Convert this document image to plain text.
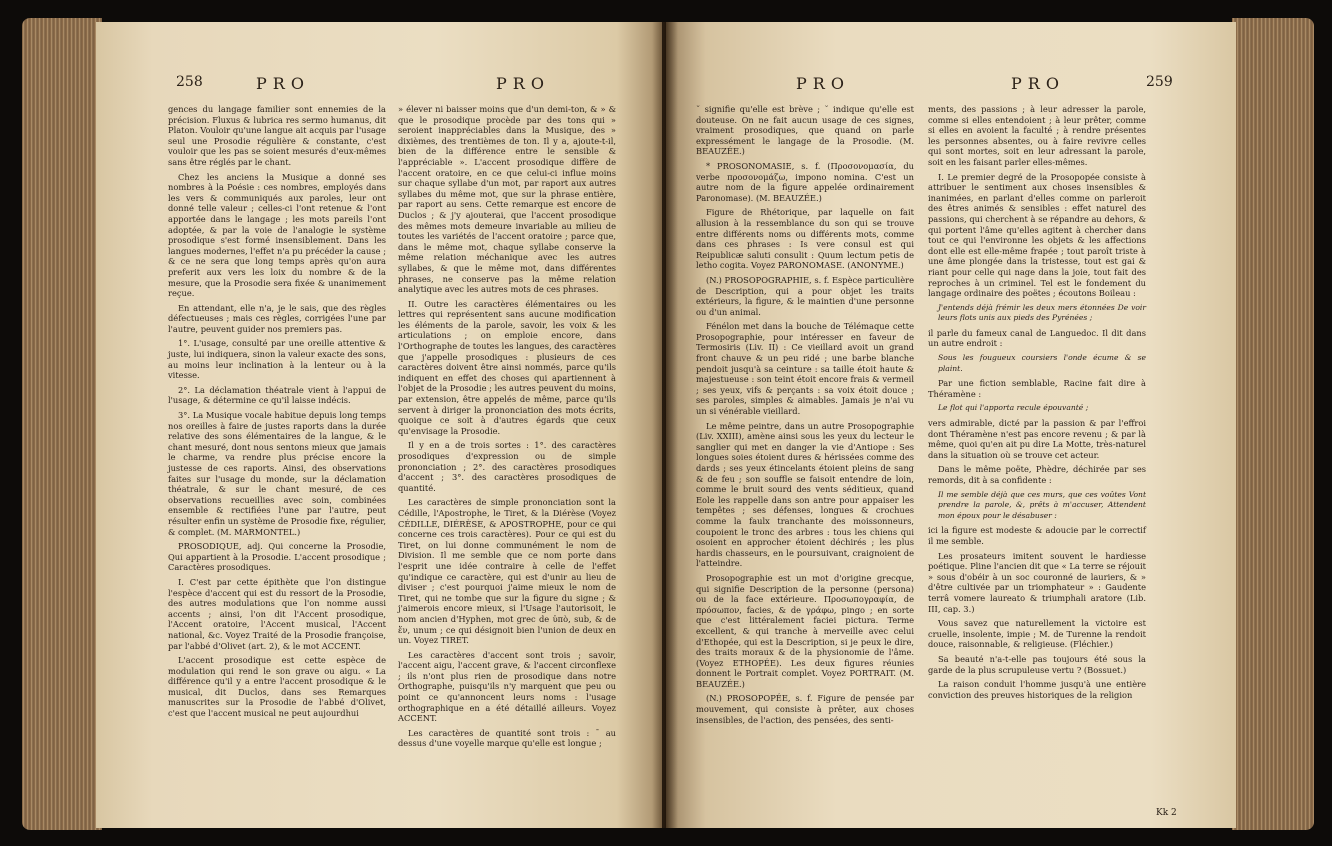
258	PRO	PRO

gences du langage familier sont ennemies de la précision. Fluxus & lubrica res sermo humanus, dit Platon. Vouloir qu'une langue ait acquis par l'usage seul une Prosodie régulière & constante, c'est vouloir que les pas se soient mesurés d'eux-mêmes sans être réglés par le chant.

Chez les anciens la Musique a donné ses nombres à la Poésie : ces nombres, employés dans les vers & communiqués aux paroles, leur ont donné telle valeur ; celles-ci l'ont retenue & l'ont apportée dans le langage ; les mots pareils l'ont adoptée, & par la voie de l'analogie le système prosodique s'est formé insensiblement. Dans les langues modernes, l'effet n'a pu précéder la cause ; & ce ne sera que long temps après qu'on aura preferit aux vers les loix du nombre & de la mesure, que la Prosodie sera fixée & unanimement reçue.

En attendant, elle n'a, je le sais, que des règles défectueuses ; mais ces règles, corrigées l'une par l'autre, peuvent guider nos premiers pas.

1°. L'usage, consulté par une oreille attentive & juste, lui indiquera, sinon la valeur exacte des sons, au moins leur inclination à la lenteur ou à la vitesse.

2°. La déclamation théatrale vient à l'appui de l'usage, & détermine ce qu'il laisse indécis.

3°. La Musique vocale habitue depuis long temps nos oreilles à faire de justes raports dans la durée relative des sons élémentaires de la langue, & le chant mesuré, dont nous sentons mieux que jamais le charme, va rendre plus précise encore la justesse de ces raports. Ainsi, des observations faites sur l'usage du monde, sur la déclamation théatrale, & sur le chant mesuré, de ces observations recueillies avec soin, combinées ensemble & rectifiées l'une par l'autre, peut résulter enfin un système de Prosodie fixe, régulier, & complet. (M. MARMONTEL.)

PROSODIQUE, adj. Qui concerne la Prosodie, Qui appartient à la Prosodie. L'accent prosodique ; Caractères prosodiques.

I. C'est par cette épithète que l'on distingue l'espèce d'accent qui est du ressort de la Prosodie, des autres modulations que l'on nomme aussi accents ; ainsi, l'on dit l'Accent prosodique, l'Accent oratoire, l'Accent musical, l'Accent national, &c. Voyez Traité de la Prosodie françoise, par l'abbé d'Olivet (art. 2), & le mot ACCENT.

L'accent prosodique est cette espèce de modulation qui rend le son grave ou aigu. « La différence qu'il y a entre l'accent prosodique & le musical, dit Duclos, dans ses Remarques manuscrites sur la Prosodie de l'abbé d'Olivet, c'est que l'accent musical ne peut aujourdhui

» élever ni baisser moins que d'un demi-ton, & » & que le prosodique procède par des tons qui » seroient inappréciables dans la Musique, des » dixièmes, des trentièmes de ton. Il y a, ajoute-t-il, bien de la différence entre le sensible & l'appréciable ». L'accent prosodique diffère de l'accent oratoire, en ce que celui-ci influe moins sur chaque syllabe d'un mot, par raport aux autres syllabes du même mot, que sur la phrase entière, par raport au sens. Cette remarque est encore de Duclos ; & j'y ajouterai, que l'accent prosodique des mêmes mots demeure invariable au milieu de toutes les variétés de l'accent oratoire ; parce que, dans le même mot, chaque syllabe conserve la même relation méchanique avec les autres syllabes, & que le même mot, dans différentes phrases, ne conserve pas la même relation analytique avec les autres mots de ces phrases.

II. Outre les caractères élémentaires ou les lettres qui représentent sans aucune modification les éléments de la parole, savoir, les voix & les articulations ; on emploie encore, dans l'Orthographe de toutes les langues, des caractères que j'appelle prosodiques : plusieurs de ces caractères doivent être ainsi nommés, parce qu'ils indiquent en effet des choses qui apartiennent à l'objet de la Prosodie ; les autres peuvent du moins, par extension, être appelés de même, parce qu'ils servent à diriger la prononciation des mots écrits, quoique ce soit à d'autres égards que ceux qu'envisage la Prosodie.

Il y en a de trois sortes : 1°. des caractères prosodiques d'expression ou de simple prononciation ; 2°. des caractères prosodiques d'accent ; 3°. des caractères prosodiques de quantité.

Les caractères de simple prononciation sont la Cédille, l'Apostrophe, le Tiret, & la Diérèse (Voyez CÉDILLE, DIÉRÈSE, & APOSTROPHE, pour ce qui concerne ces trois caractères). Pour ce qui est du Tiret, on lui donne communément le nom de Division. Il me semble que ce nom porte dans l'esprit une idée contraire à celle de l'effet qu'indique ce caractère, qui est d'unir au lieu de diviser ; c'est pourquoi j'aime mieux le nom de Tiret, qui ne tombe que sur la figure du signe ; & j'aimerois encore mieux, si l'Usage l'autorisoit, le nom ancien d'Hyphen, mot grec de ὑπὸ, sub, & de ἕν, unum ; ce qui désignoit bien l'union de deux en un. Voyez TIRET.

Les caractères d'accent sont trois ; savoir, l'accent aigu, l'accent grave, & l'accent circonflexe ; ils n'ont plus rien de prosodique dans notre Orthographe, puisqu'ils n'y marquent que peu ou point ce qu'annoncent leurs noms : l'usage orthographique en a été détaillé ailleurs. Voyez ACCENT.

Les caractères de quantité sont trois : ¯ au dessus d'une voyelle marque qu'elle est longue ;

PRO	PRO	259

˘ signifie qu'elle est brève ; ˘ indique qu'elle est douteuse. On ne fait aucun usage de ces signes, vraiment prosodiques, que quand on parle expressément le langage de la Prosodie. (M. BEAUZÉE.)

* PROSONOMASIE, s. f. (Προσονομασία, du verbe προσονομάζω, impono nomina. C'est un autre nom de la figure appelée ordinairement Paronomase). (M. BEAUZÉE.)

Figure de Rhétorique, par laquelle on fait allusion à la ressemblance du son qui se trouve entre différents noms ou différents mots, comme dans ces phrases : Is vere consul est qui Reipublicæ saluti consulit : Quum lectum petis de letho cogita. Voyez PARONOMASE. (ANONYME.)

(N.) PROSOPOGRAPHIE, s. f. Espèce particulière de Description, qui a pour objet les traits extérieurs, la figure, & le maintien d'une personne ou d'un animal.

Fénélon met dans la bouche de Télémaque cette Prosopographie, pour intéresser en faveur de Termosiris (Liv. II) : Ce vieillard avoit un grand front chauve & un peu ridé ; une barbe blanche pendoit jusqu'à sa ceinture : sa taille étoit haute & majestueuse : son teint étoit encore frais & vermeil ; ses yeux, vifs & perçants : sa voix étoit douce ; ses paroles, simples & aimables. Jamais je n'ai vu un si vénérable vieillard.

Le même peintre, dans un autre Prosopographie (Liv. XXIII), amène ainsi sous les yeux du lecteur le sanglier qui met en danger la vie d'Antiope : Ses longues soies étoient dures & hérissées comme des dards ; ses yeux étincelants étoient pleins de sang & de feu ; son souffle se faisoit entendre de loin, comme le bruit sourd des vents séditieux, quand Eole les rappelle dans son antre pour appaiser les tempêtes ; ses défenses, longues & crochues comme la faulx tranchante des moissonneurs, coupoient le tronc des arbres : tous les chiens qui osoient en approcher étoient déchirés ; les plus hardis chasseurs, en le poursuivant, craignoient de l'atteindre.

Prosopographie est un mot d'origine grecque, qui signifie Description de la personne (persona) ou de la face extérieure. Προσωπογραφία, de πρόσωπον, facies, & de γράφω, pingo ; en sorte que c'est littéralement faciei pictura. Terme excellent, & qui tranche à merveille avec celui d'Ethopée, qui est la Description, si je peux le dire, des traits moraux & de la physionomie de l'âme. (Voyez ETHOPÉE). Les deux figures réunies donnent le Portrait complet. Voyez PORTRAIT. (M. BEAUZÉE.)

(N.) PROSOPOPÉE, s. f. Figure de pensée par mouvement, qui consiste à prêter, aux choses insensibles, de l'action, des pensées, des senti-

ments, des passions ; à leur adresser la parole, comme si elles entendoient ; à leur prêter, comme si elles en avoient la faculté ; à rendre présentes les personnes absentes, ou à faire revivre celles qui sont mortes, soit en leur adressant la parole, soit en les faisant parler elles-mêmes.

I. Le premier degré de la Prosopopée consiste à attribuer le sentiment aux choses insensibles & inanimées, en parlant d'elles comme on parleroit des êtres animés & sensibles : effet naturel des passions, qui cherchent à se répandre au dehors, & qui portent l'âme qu'elles agitent à chercher dans tout ce qui l'environne les objets & les affections dont elle est elle-même frapée ; tout paroît triste à une âme plongée dans la tristesse, tout est gai & riant pour celle qui nage dans la joie, tout fait des reproches à un criminel. Tel est le fondement du langage ordinaire des poëtes ; écoutons Boileau :

J'entends déjà frémir les deux mers étonnées De voir leurs flots unis aux pieds des Pyrénées ;

il parle du fameux canal de Languedoc. Il dit dans un autre endroit :

Sous les fougueux coursiers l'onde écume & se plaint.

Par une fiction semblable, Racine fait dire à Théramène :

Le flot qui l'apporta recule épouvanté ;

vers admirable, dicté par la passion & par l'effroi dont Théramène n'est pas encore revenu ; & par là même, quoi qu'en ait pu dire La Motte, très-naturel dans la situation où se trouve cet acteur.

Dans le même poëte, Phèdre, déchirée par ses remords, dit à sa confidente :

Il me semble déjà que ces murs, que ces voûtes Vont prendre la parole, &, prêts à m'accuser, Attendent mon époux pour le désabuser :

ici la figure est modeste & adoucie par le correctif il me semble.

Les prosateurs imitent souvent le hardiesse poétique. Pline l'ancien dit que « La terre se réjouit » sous d'obéir à un soc couronné de lauriers, & » d'être cultivée par un triomphateur » : Gaudente terrâ vomere laureato & triumphali aratore (Lib. III, cap. 3.)

Vous savez que naturellement la victoire est cruelle, insolente, impie ; M. de Turenne la rendoit douce, raisonnable, & religieuse. (Fléchier.)

Sa beauté n'a-t-elle pas toujours été sous la garde de la plus scrupuleuse vertu ? (Bossuet.)

La raison conduit l'homme jusqu'à une entière conviction des preuves historiques de la religion

Kk 2
